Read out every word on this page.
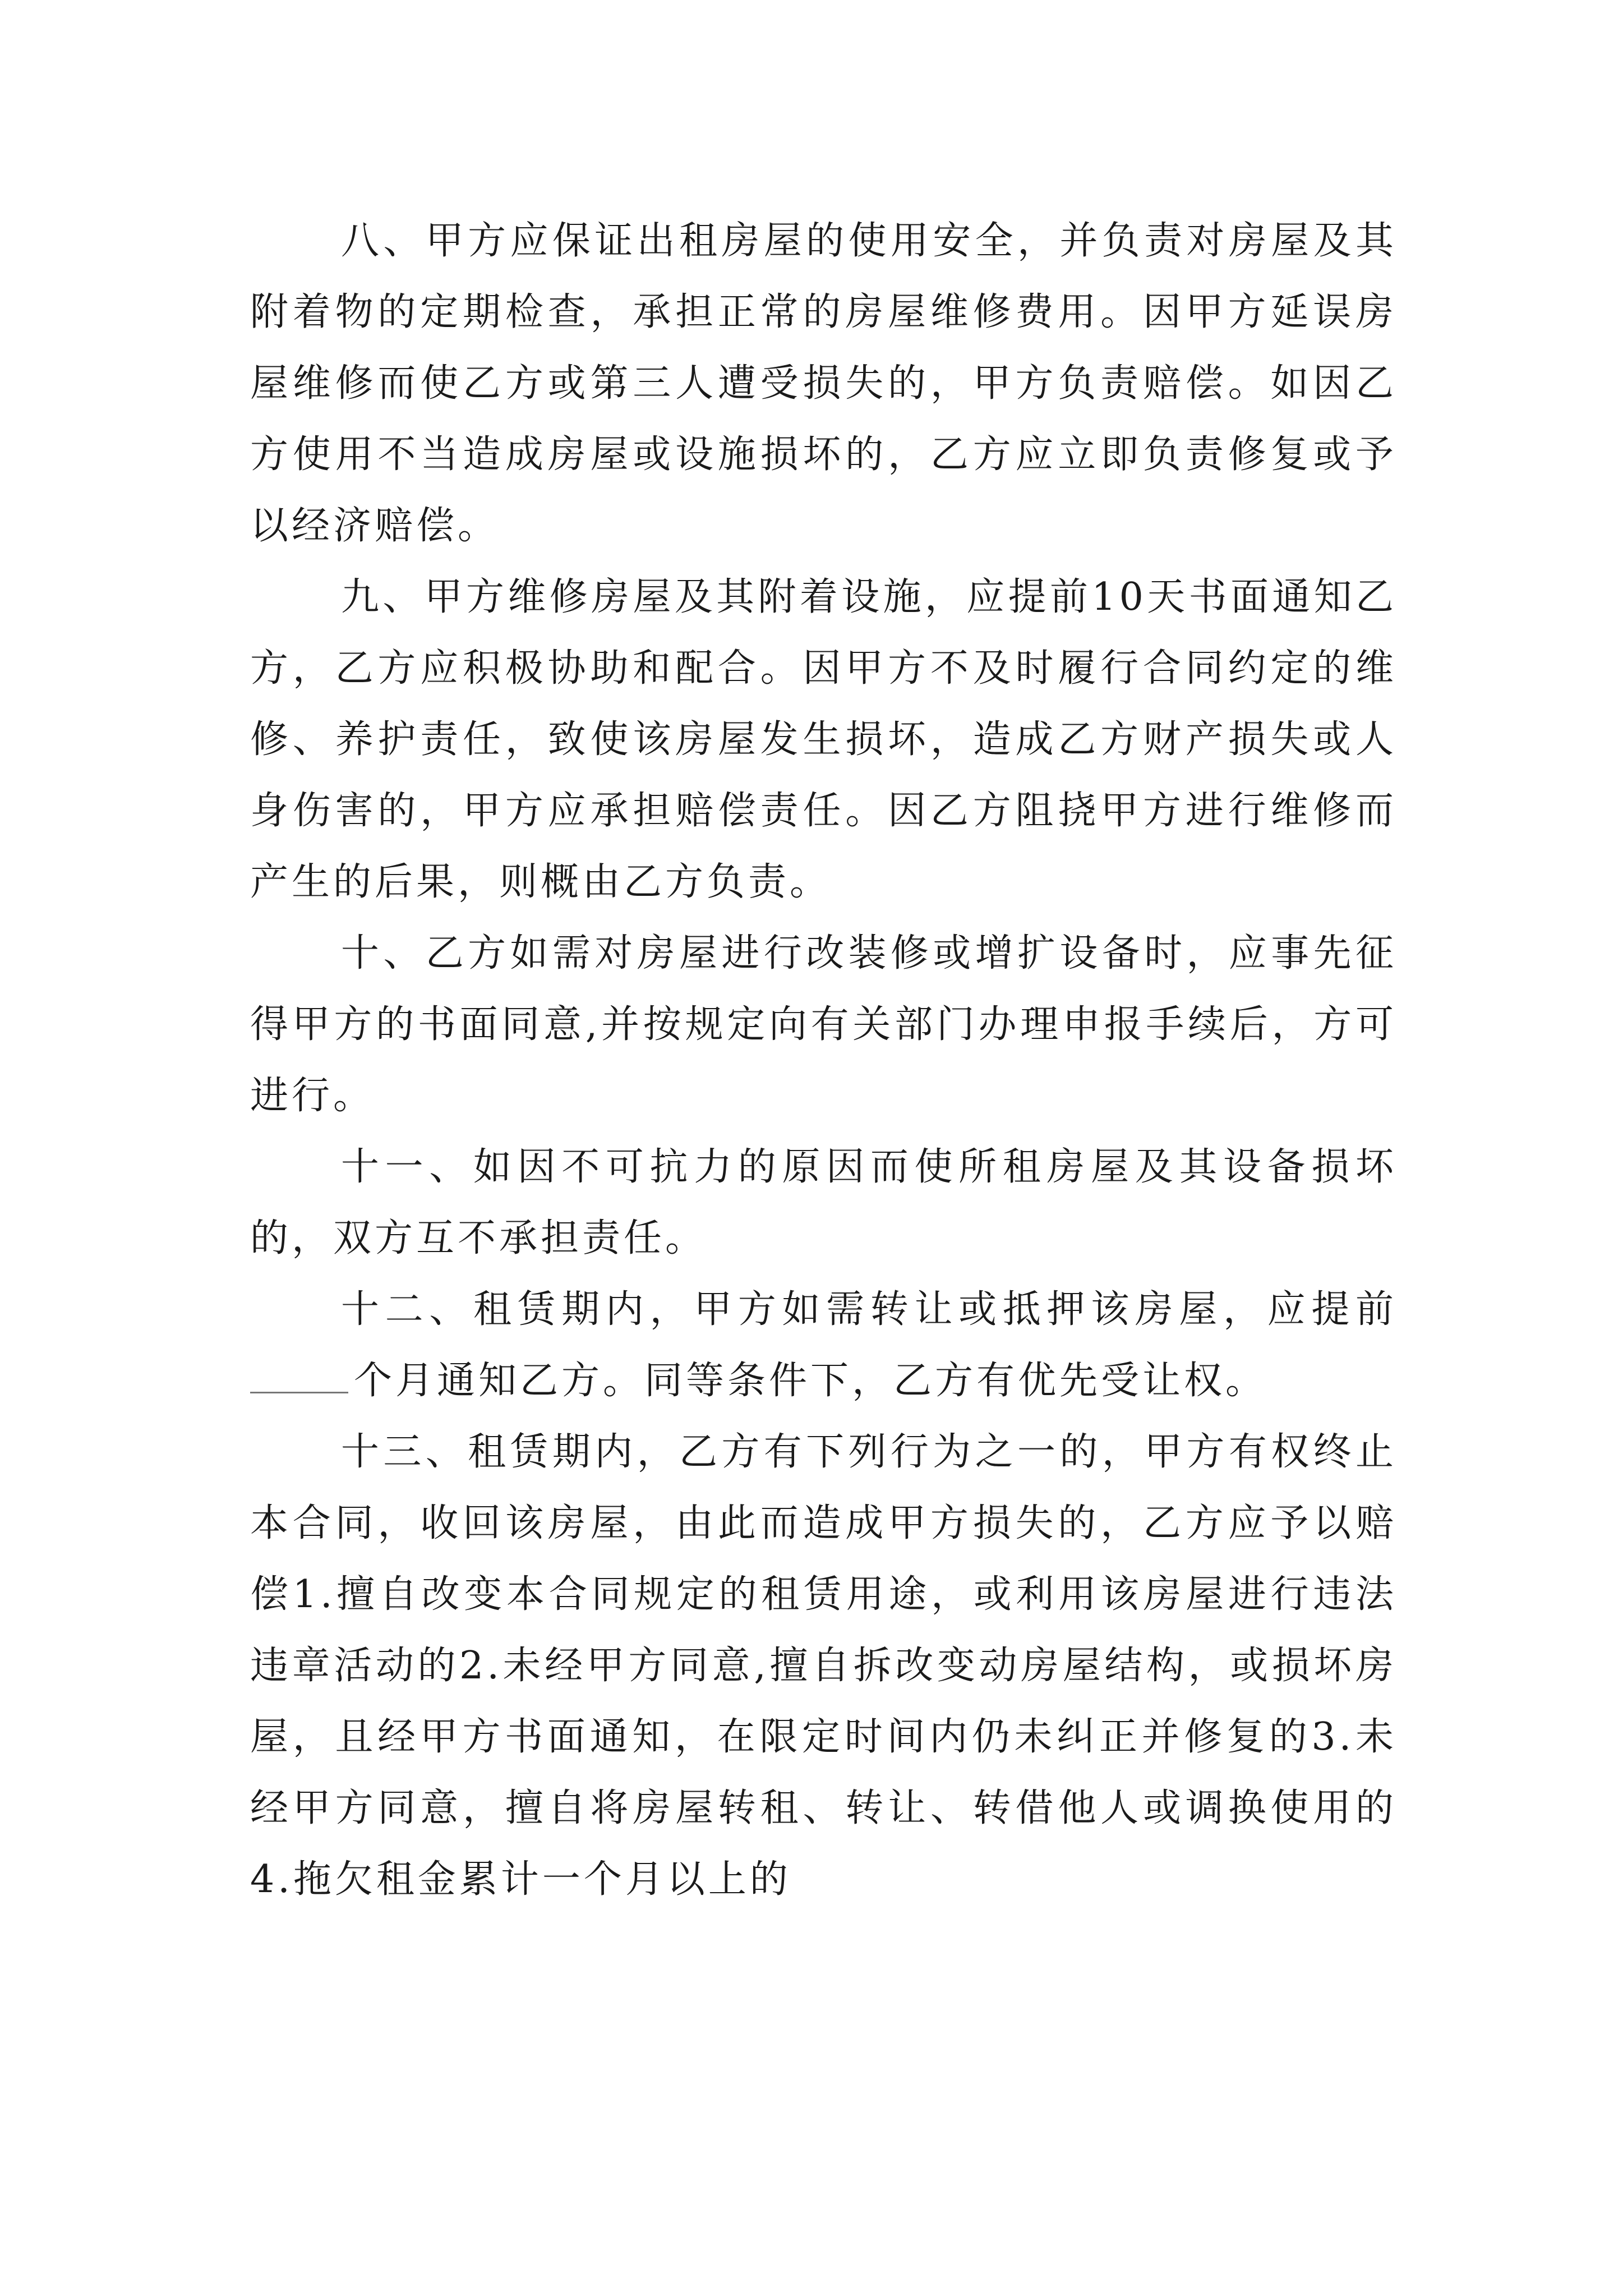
八、甲方应保证出租房屋的使用安全，并负责对房屋及其附着物的定期检查，承担正常的房屋维修费用。因甲方延误房屋维修而使乙方或第三人遭受损失的，甲方负责赔偿。如因乙方使用不当造成房屋或设施损坏的，乙方应立即负责修复或予以经济赔偿。

九、甲方维修房屋及其附着设施，应提前10天书面通知乙方，乙方应积极协助和配合。因甲方不及时履行合同约定的维修、养护责任，致使该房屋发生损坏，造成乙方财产损失或人身伤害的，甲方应承担赔偿责任。因乙方阻挠甲方进行维修而产生的后果，则概由乙方负责。

十、乙方如需对房屋进行改装修或增扩设备时，应事先征得甲方的书面同意,并按规定向有关部门办理申报手续后，方可进行。

十一、如因不可抗力的原因而使所租房屋及其设备损坏的，双方互不承担责任。

十二、租赁期内，甲方如需转让或抵押该房屋，应提前个月通知乙方。同等条件下，乙方有优先受让权。

十三、租赁期内，乙方有下列行为之一的，甲方有权终止本合同，收回该房屋，由此而造成甲方损失的，乙方应予以赔偿1.擅自改变本合同规定的租赁用途，或利用该房屋进行违法违章活动的2.未经甲方同意,擅自拆改变动房屋结构，或损坏房屋，且经甲方书面通知，在限定时间内仍未纠正并修复的3.未经甲方同意，擅自将房屋转租、转让、转借他人或调换使用的4.拖欠租金累计一个月以上的
